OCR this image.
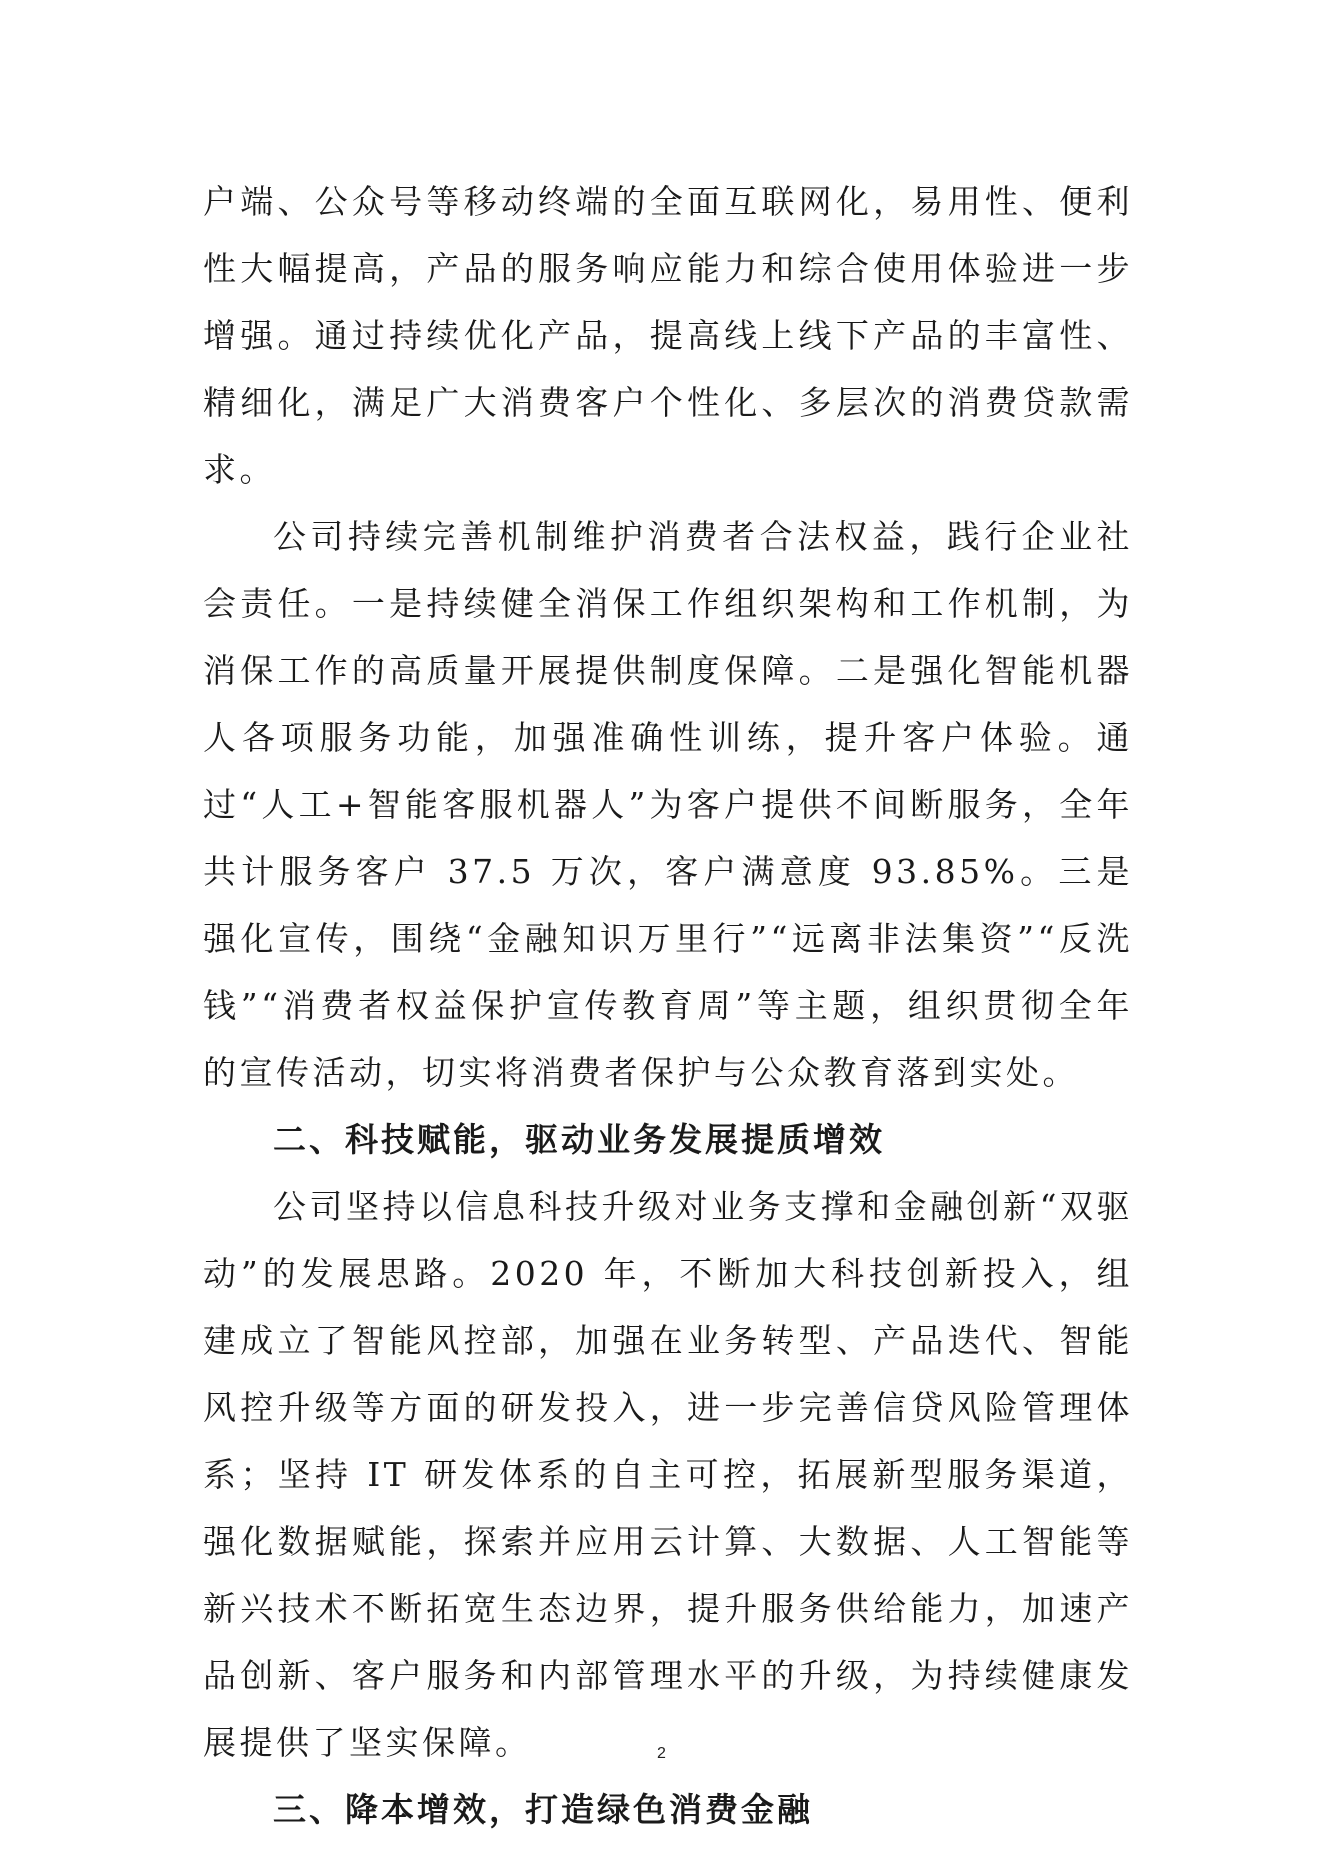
户端、公众号等移动终端的全面互联网化，易用性、便利性大幅提高，产品的服务响应能力和综合使用体验进一步增强。通过持续优化产品，提高线上线下产品的丰富性、精细化，满足广大消费客户个性化、多层次的消费贷款需求。

公司持续完善机制维护消费者合法权益，践行企业社会责任。一是持续健全消保工作组织架构和工作机制，为消保工作的高质量开展提供制度保障。二是强化智能机器人各项服务功能，加强准确性训练，提升客户体验。通过“人工+智能客服机器人”为客户提供不间断服务，全年共计服务客户 37.5 万次，客户满意度 93.85%。三是强化宣传，围绕“金融知识万里行”“远离非法集资”“反洗钱”“消费者权益保护宣传教育周”等主题，组织贯彻全年的宣传活动，切实将消费者保护与公众教育落到实处。

二、科技赋能，驱动业务发展提质增效

公司坚持以信息科技升级对业务支撑和金融创新“双驱动”的发展思路。2020 年，不断加大科技创新投入，组建成立了智能风控部，加强在业务转型、产品迭代、智能风控升级等方面的研发投入，进一步完善信贷风险管理体系；坚持 IT 研发体系的自主可控，拓展新型服务渠道，强化数据赋能，探索并应用云计算、大数据、人工智能等新兴技术不断拓宽生态边界，提升服务供给能力，加速产品创新、客户服务和内部管理水平的升级，为持续健康发展提供了坚实保障。

三、降本增效，打造绿色消费金融
2
